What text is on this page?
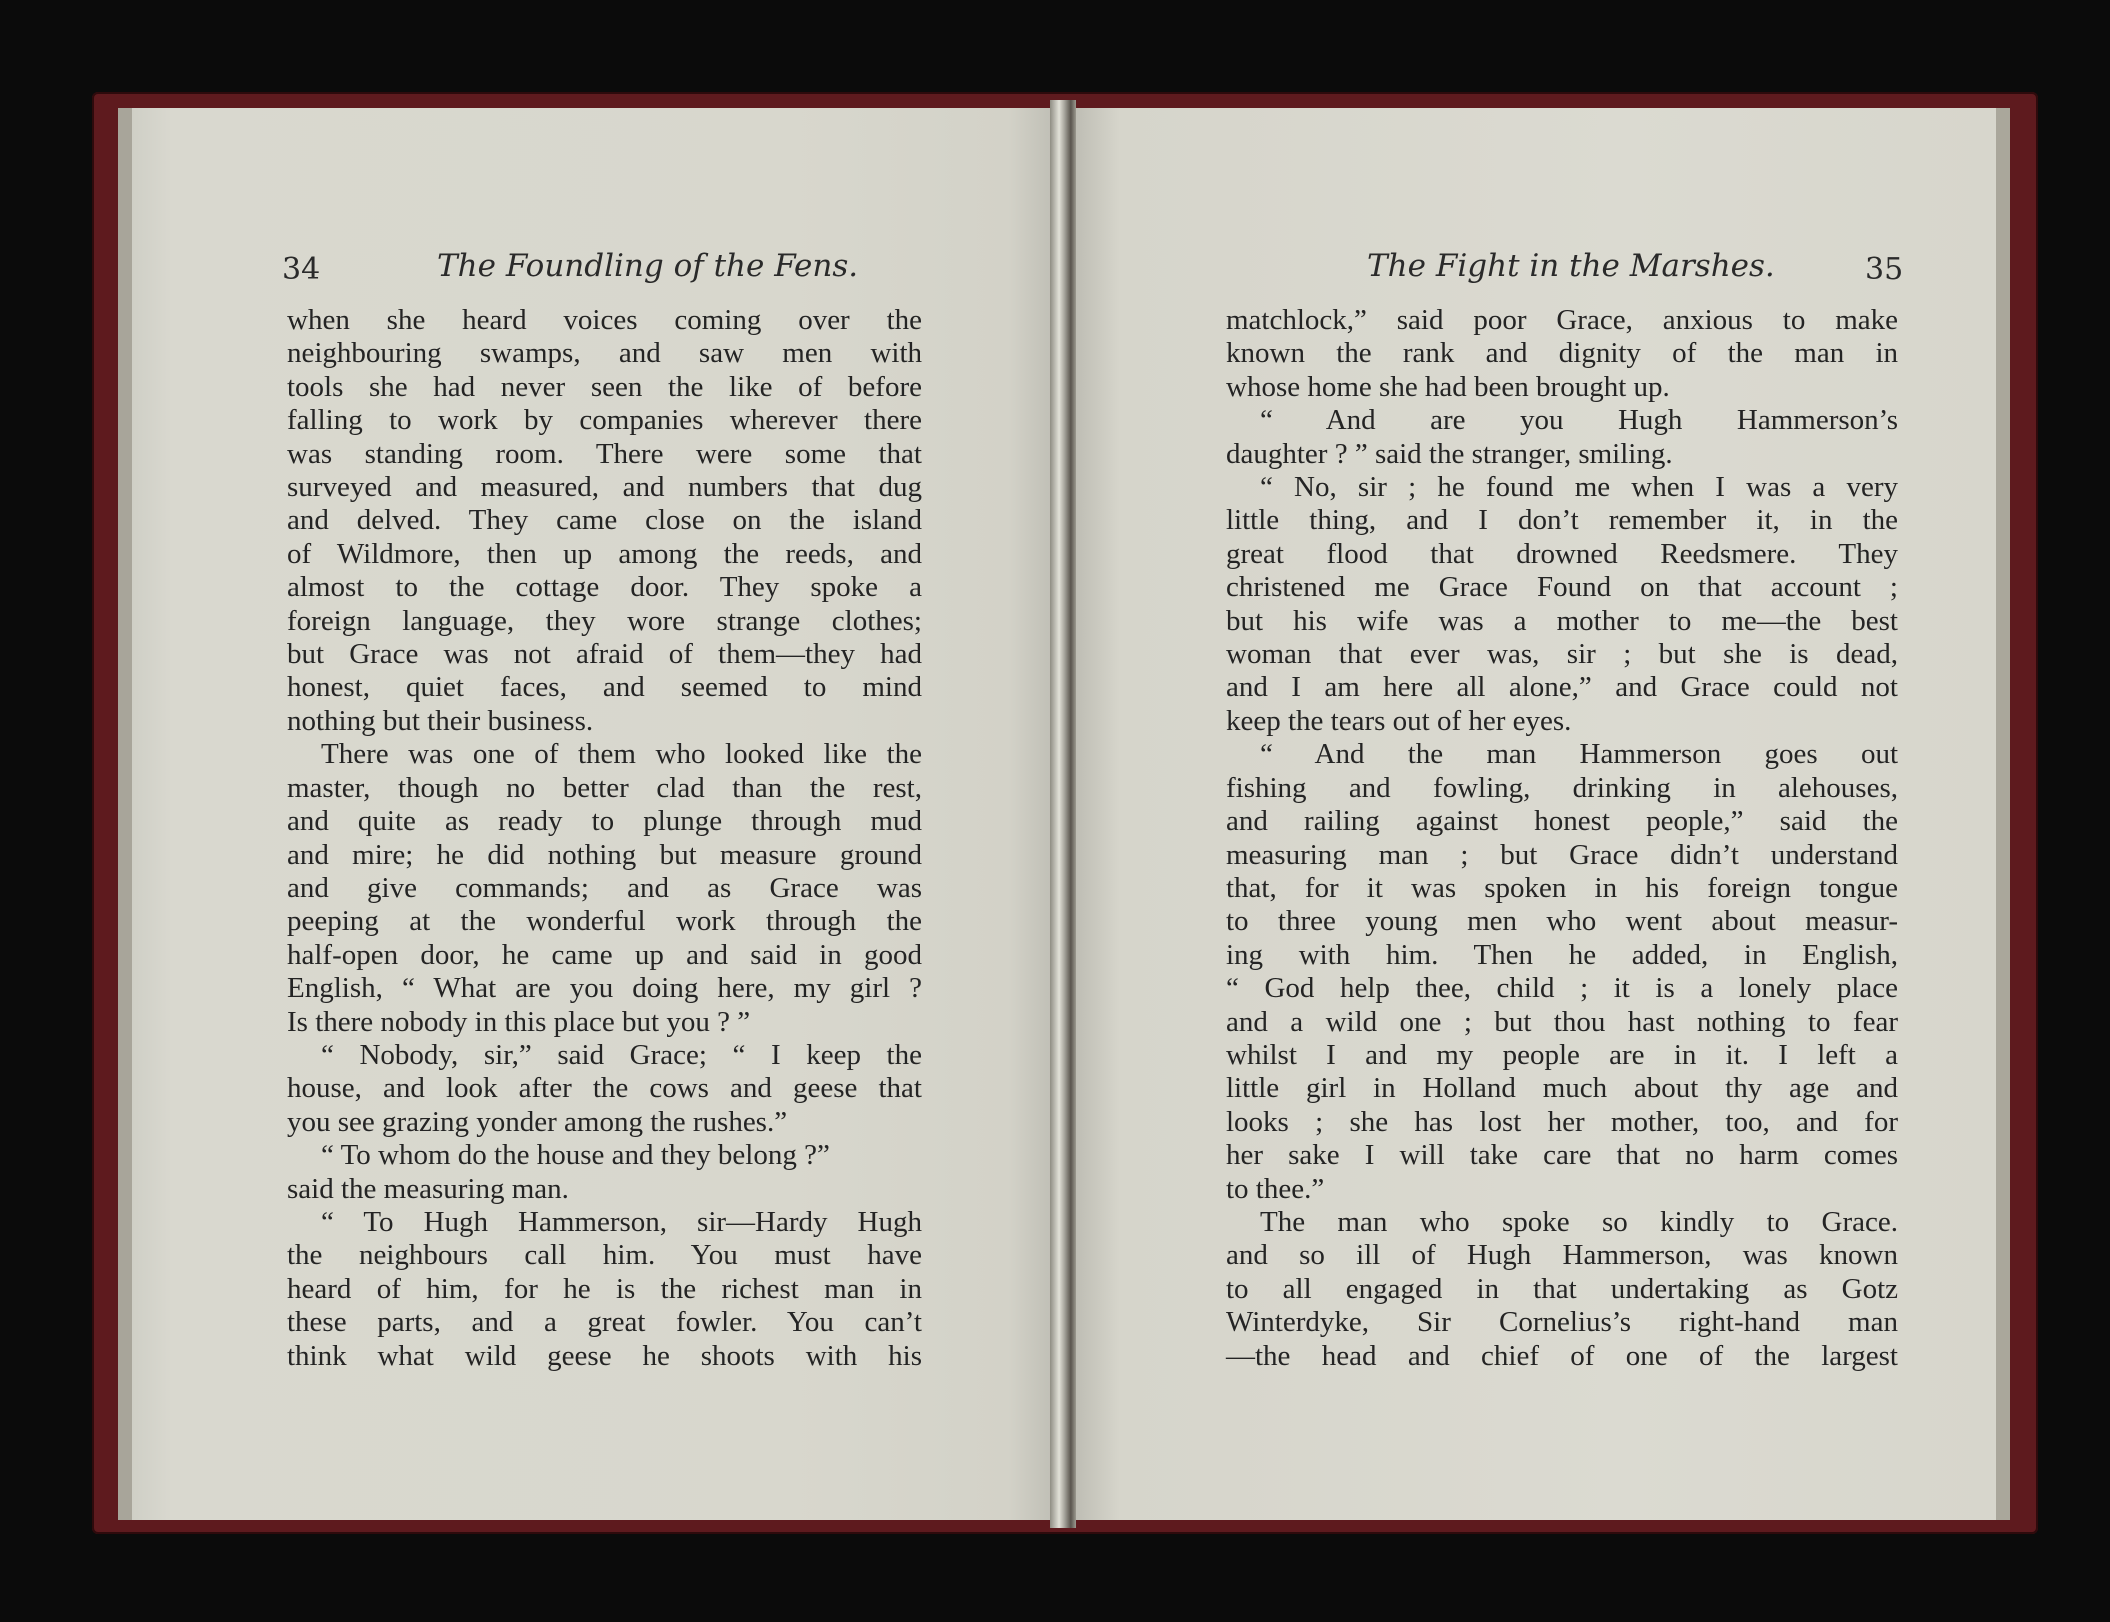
34	The Foundling of the Fens.
when she heard voices coming over the
neighbouring swamps, and saw men with
tools she had never seen the like of before
falling to work by companies wherever there
was standing room. There were some that
surveyed and measured, and numbers that dug
and delved. They came close on the island
of Wildmore, then up among the reeds, and
almost to the cottage door. They spoke a
foreign language, they wore strange clothes;
but Grace was not afraid of them—they had
honest, quiet faces, and seemed to mind
nothing but their business.
There was one of them who looked like the
master, though no better clad than the rest,
and quite as ready to plunge through mud
and mire; he did nothing but measure ground
and give commands; and as Grace was
peeping at the wonderful work through the
half-open door, he came up and said in good
English, “ What are you doing here, my girl ?
Is there nobody in this place but you ? ”
“ Nobody, sir,” said Grace; “ I keep the
house, and look after the cows and geese that
you see grazing yonder among the rushes.”
“ To whom do the house and they belong ?”
said the measuring man.
“ To Hugh Hammerson, sir—Hardy Hugh
the neighbours call him. You must have
heard of him, for he is the richest man in
these parts, and a great fowler. You can’t
think what wild geese he shoots with his
The Fight in the Marshes.	35
matchlock,” said poor Grace, anxious to make
known the rank and dignity of the man in
whose home she had been brought up.
“ And are you Hugh Hammerson’s
daughter ? ” said the stranger, smiling.
“ No, sir ; he found me when I was a very
little thing, and I don’t remember it, in the
great flood that drowned Reedsmere. They
christened me Grace Found on that account ;
but his wife was a mother to me—the best
woman that ever was, sir ; but she is dead,
and I am here all alone,” and Grace could not
keep the tears out of her eyes.
“ And the man Hammerson goes out
fishing and fowling, drinking in alehouses,
and railing against honest people,” said the
measuring man ; but Grace didn’t understand
that, for it was spoken in his foreign tongue
to three young men who went about measur-
ing with him. Then he added, in English,
“ God help thee, child ; it is a lonely place
and a wild one ; but thou hast nothing to fear
whilst I and my people are in it. I left a
little girl in Holland much about thy age and
looks ; she has lost her mother, too, and for
her sake I will take care that no harm comes
to thee.”
The man who spoke so kindly to Grace.
and so ill of Hugh Hammerson, was known
to all engaged in that undertaking as Gotz
Winterdyke, Sir Cornelius’s right-hand man
—the head and chief of one of the largest
